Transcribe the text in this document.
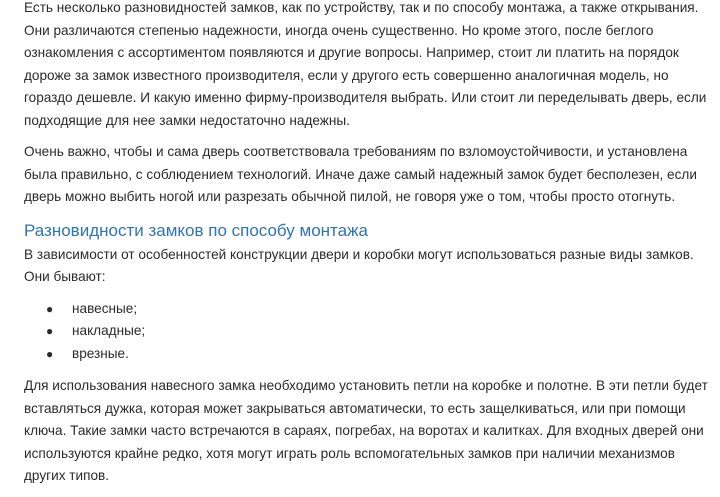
Есть несколько разновидностей замков, как по устройству, так и по способу монтажа, а также открывания. Они различаются степенью надежности, иногда очень существенно. Но кроме этого, после беглого ознакомления с ассортиментом появляются и другие вопросы. Например, стоит ли платить на порядок дороже за замок известного производителя, если у другого есть совершенно аналогичная модель, но гораздо дешевле. И какую именно фирму-производителя выбрать. Или стоит ли переделывать дверь, если подходящие для нее замки недостаточно надежны.

Очень важно, чтобы и сама дверь соответствовала требованиям по взломоустойчивости, и установлена была правильно, с соблюдением технологий. Иначе даже самый надежный замок будет бесполезен, если дверь можно выбить ногой или разрезать обычной пилой, не говоря уже о том, чтобы просто отогнуть.

Разновидности замков по способу монтажа

В зависимости от особенностей конструкции двери и коробки могут использоваться разные виды замков. Они бывают:

● навесные;
● накладные;
● врезные.

Для использования навесного замка необходимо установить петли на коробке и полотне. В эти петли будет вставляться дужка, которая может закрываться автоматически, то есть защелкиваться, или при помощи ключа. Такие замки часто встречаются в сараях, погребах, на воротах и калитках. Для входных дверей они используются крайне редко, хотя могут играть роль вспомогательных замков при наличии механизмов других типов.
